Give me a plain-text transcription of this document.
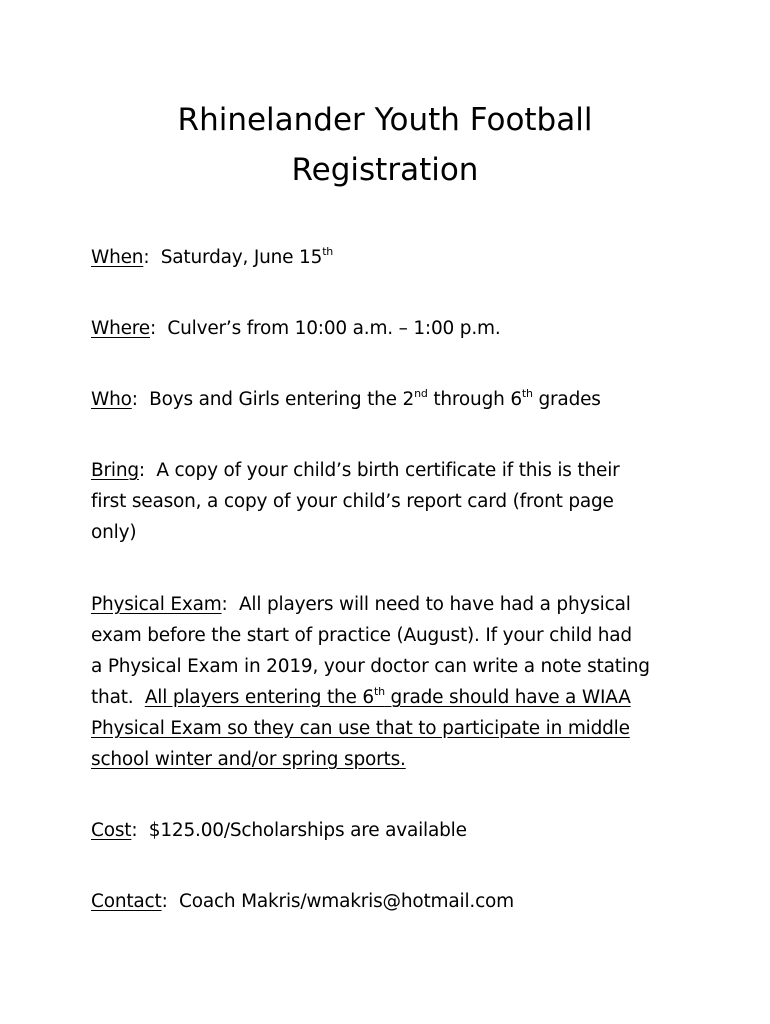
Rhinelander Youth Football
Registration
When:  Saturday, June 15th
Where:  Culver’s from 10:00 a.m. – 1:00 p.m.
Who:  Boys and Girls entering the 2nd through 6th grades
Bring:  A copy of your child’s birth certificate if this is their
first season, a copy of your child’s report card (front page
only)
Physical Exam:  All players will need to have had a physical
exam before the start of practice (August). If your child had
a Physical Exam in 2019, your doctor can write a note stating
that.  All players entering the 6th grade should have a WIAA
Physical Exam so they can use that to participate in middle
school winter and/or spring sports.
Cost:  $125.00/Scholarships are available
Contact:  Coach Makris/wmakris@hotmail.com
